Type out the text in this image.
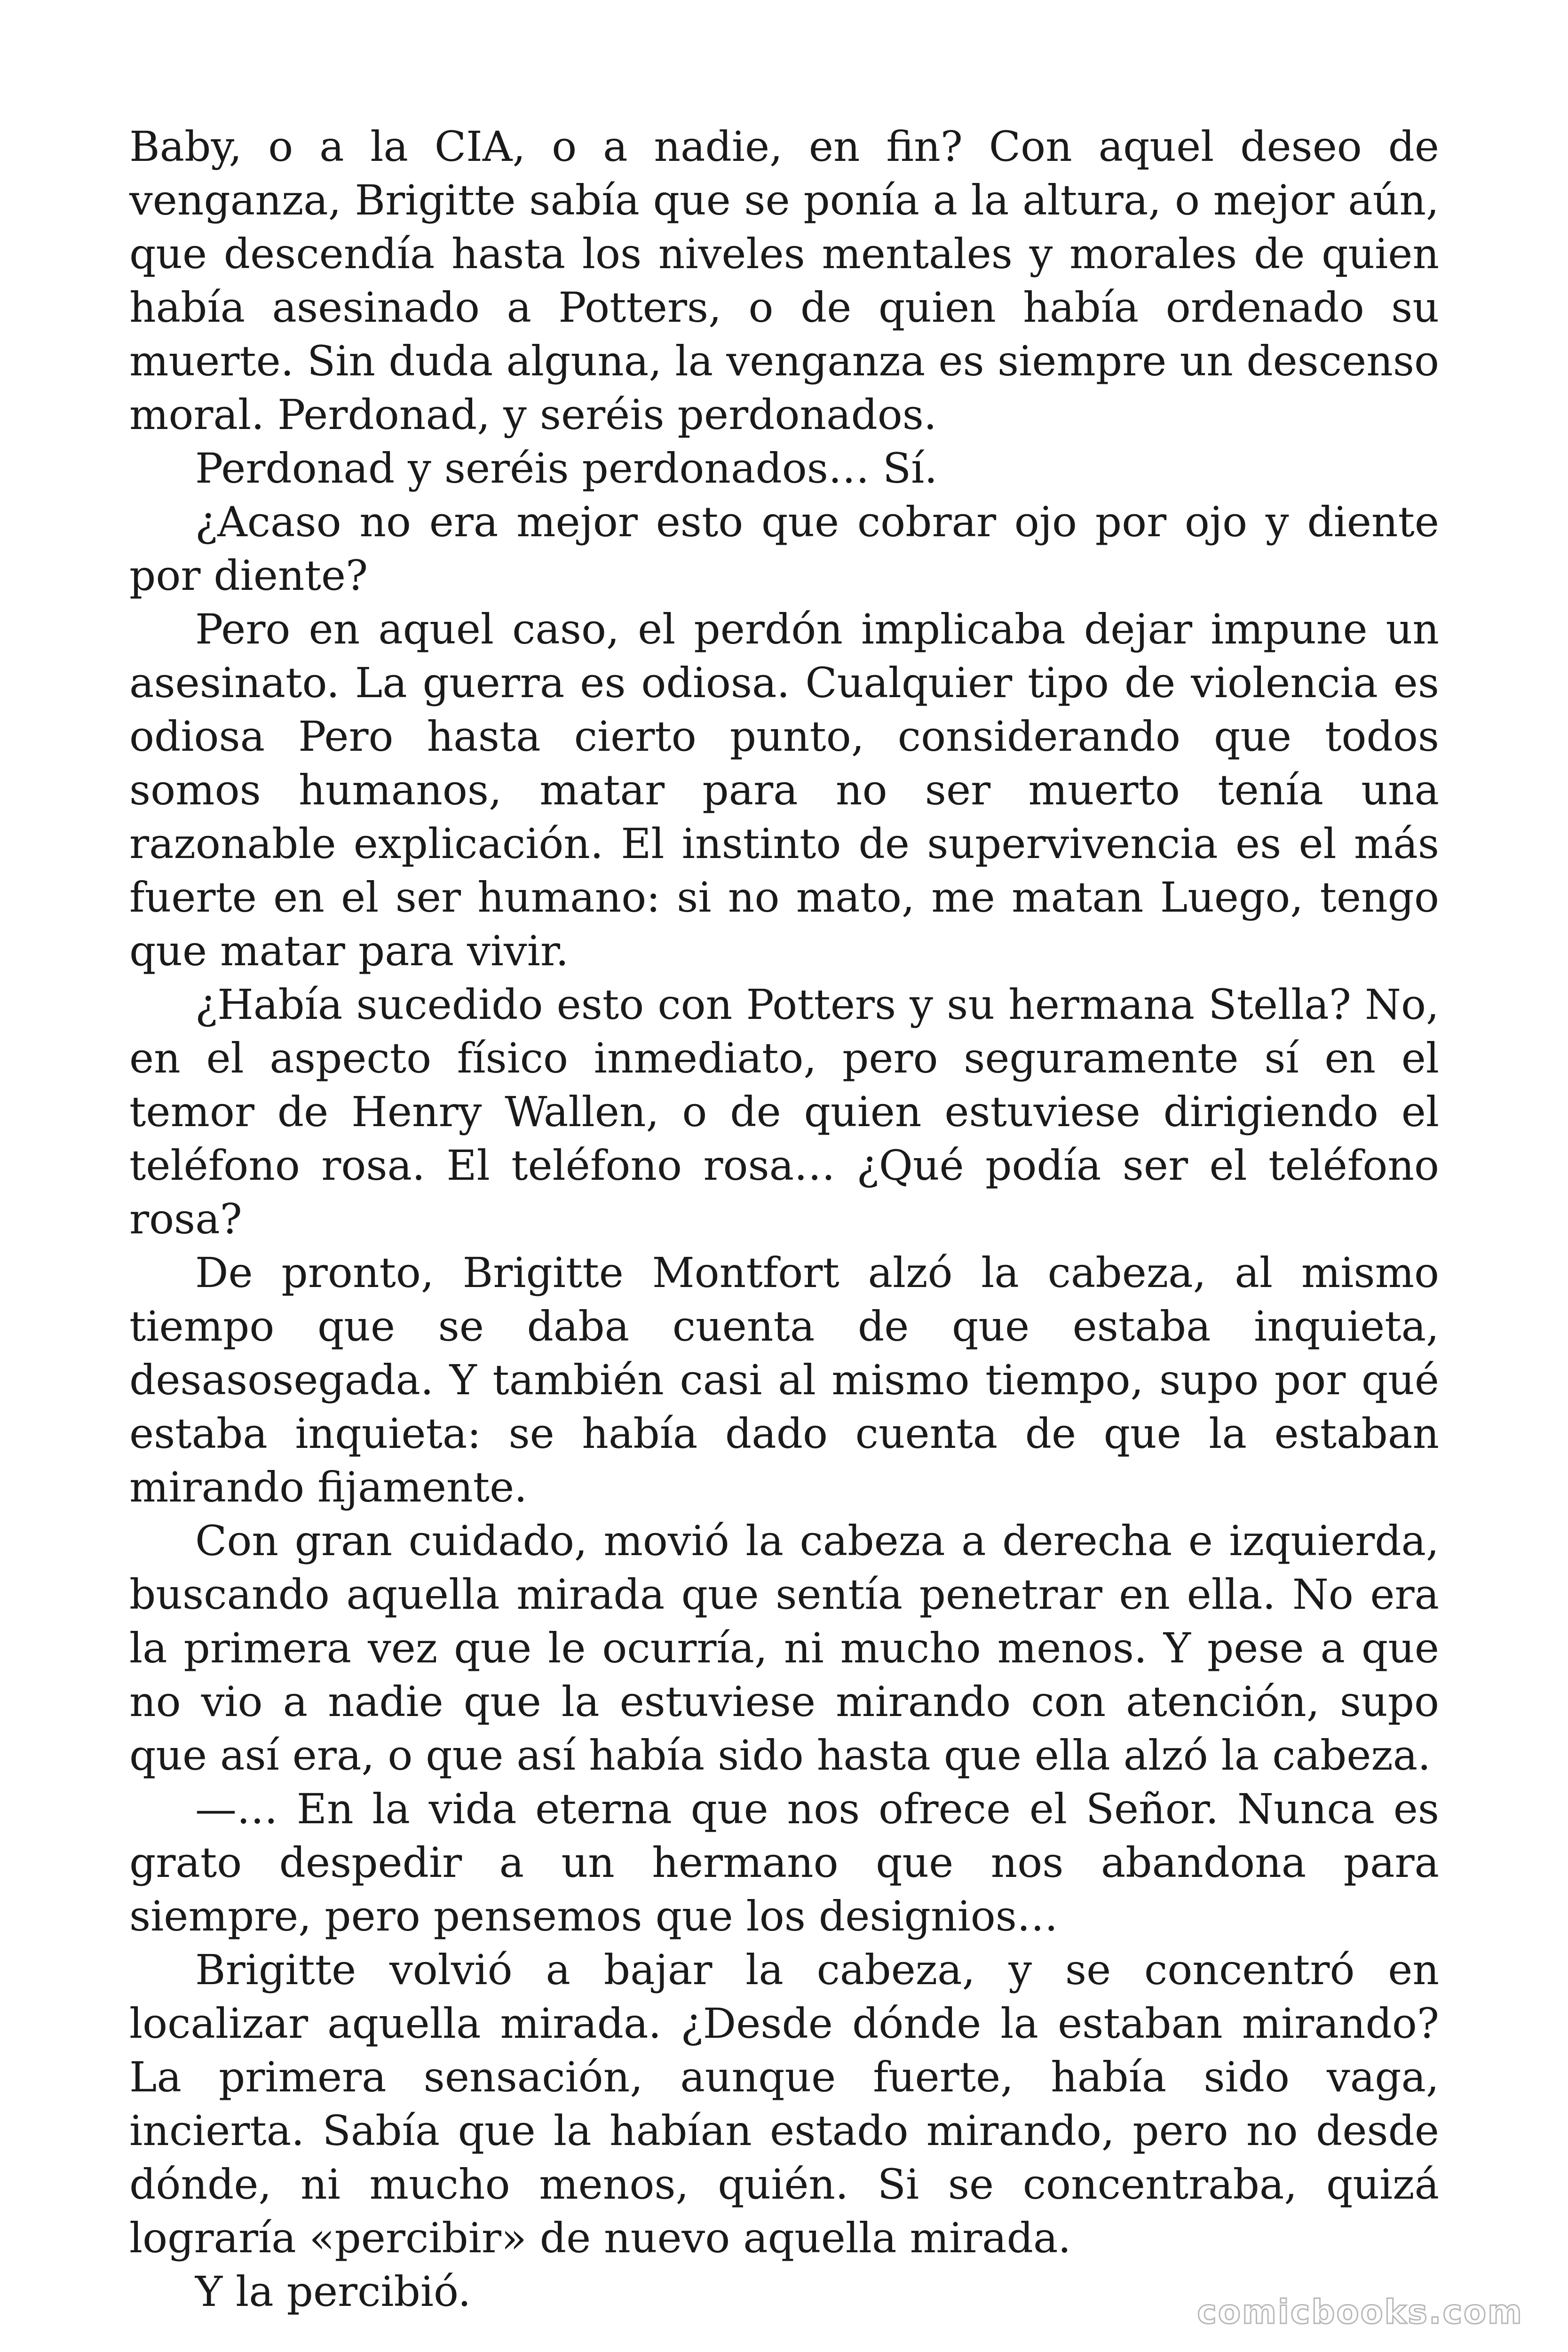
Baby, o a la CIA, o a nadie, en fin? Con aquel deseo de venganza, Brigitte sabía que se ponía a la altura, o mejor aún, que descendía hasta los niveles mentales y morales de quien había asesinado a Potters, o de quien había ordenado su muerte. Sin duda alguna, la venganza es siempre un descenso moral. Perdonad, y seréis perdonados.

Perdonad y seréis perdonados… Sí.

¿Acaso no era mejor esto que cobrar ojo por ojo y diente por diente?

Pero en aquel caso, el perdón implicaba dejar impune un asesinato. La guerra es odiosa. Cualquier tipo de violencia es odiosa Pero hasta cierto punto, considerando que todos somos humanos, matar para no ser muerto tenía una razonable explicación. El instinto de supervivencia es el más fuerte en el ser humano: si no mato, me matan Luego, tengo que matar para vivir.

¿Había sucedido esto con Potters y su hermana Stella? No, en el aspecto físico inmediato, pero seguramente sí en el temor de Henry Wallen, o de quien estuviese dirigiendo el teléfono rosa. El teléfono rosa… ¿Qué podía ser el teléfono rosa?

De pronto, Brigitte Montfort alzó la cabeza, al mismo tiempo que se daba cuenta de que estaba inquieta, desasosegada. Y también casi al mismo tiempo, supo por qué estaba inquieta: se había dado cuenta de que la estaban mirando fijamente.

Con gran cuidado, movió la cabeza a derecha e izquierda, buscando aquella mirada que sentía penetrar en ella. No era la primera vez que le ocurría, ni mucho menos. Y pese a que no vio a nadie que la estuviese mirando con atención, supo que así era, o que así había sido hasta que ella alzó la cabeza.

—… En la vida eterna que nos ofrece el Señor. Nunca es grato despedir a un hermano que nos abandona para siempre, pero pensemos que los designios…

Brigitte volvió a bajar la cabeza, y se concentró en localizar aquella mirada. ¿Desde dónde la estaban mirando? La primera sensación, aunque fuerte, había sido vaga, incierta. Sabía que la habían estado mirando, pero no desde dónde, ni mucho menos, quién. Si se concentraba, quizá lograría «percibir» de nuevo aquella mirada.

Y la percibió.	comicbooks.com
